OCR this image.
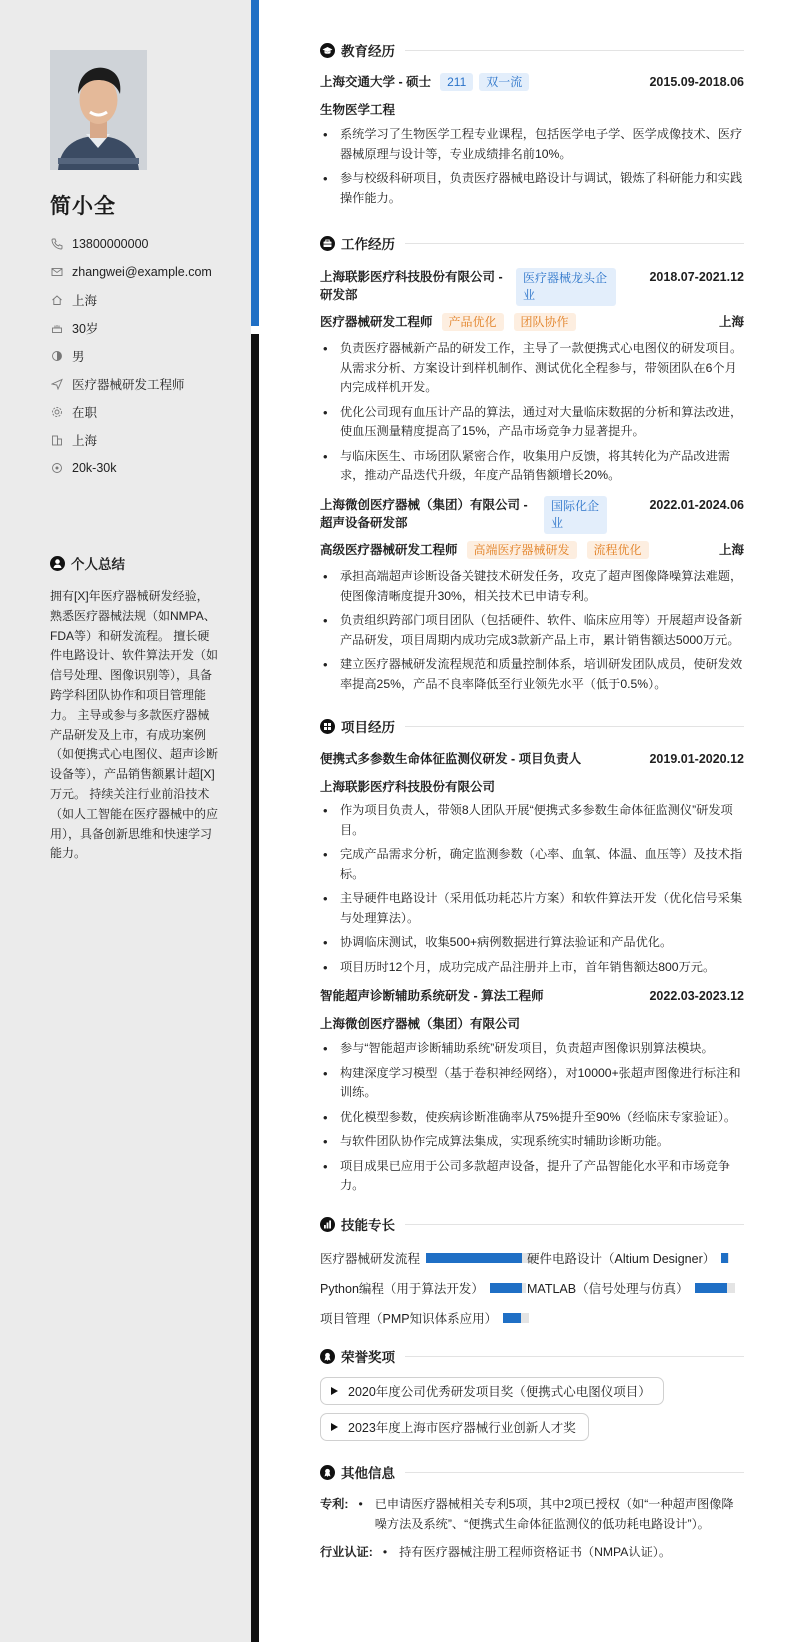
简小全
13800000000
zhangwei@example.com
上海
30岁
男
医疗器械研发工程师
在职
上海
20k-30k
个人总结
拥有[X]年医疗器械研发经验，熟悉医疗器械法规（如NMPA、FDA等）和研发流程。 擅长硬件电路设计、软件算法开发（如信号处理、图像识别等），具备跨学科团队协作和项目管理能力。 主导或参与多款医疗器械产品研发及上市，有成功案例（如便携式心电图仪、超声诊断设备等），产品销售额累计超[X]万元。 持续关注行业前沿技术（如人工智能在医疗器械中的应用），具备创新思维和快速学习能力。
教育经历
上海交通大学 - 硕士	211	双一流	2015.09-2018.06
生物医学工程
• 系统学习了生物医学工程专业课程，包括医学电子学、医学成像技术、医疗器械原理与设计等，专业成绩排名前10%。
• 参与校级科研项目，负责医疗器械电路设计与调试，锻炼了科研能力和实践操作能力。
工作经历
上海联影医疗科技股份有限公司 - 研发部
医疗器械龙头企业
2018.07-2021.12
医疗器械研发工程师	产品优化	团队协作	上海
• 负责医疗器械新产品的研发工作，主导了一款便携式心电图仪的研发项目。从需求分析、方案设计到样机制作、测试优化全程参与，带领团队在6个月内完成样机开发。
• 优化公司现有血压计产品的算法，通过对大量临床数据的分析和算法改进，使血压测量精度提高了15%，产品市场竞争力显著提升。
• 与临床医生、市场团队紧密合作，收集用户反馈，将其转化为产品改进需求，推动产品迭代升级，年度产品销售额增长20%。
上海微创医疗器械（集团）有限公司 - 超声设备研发部
国际化企业
2022.01-2024.06
高级医疗器械研发工程师	高端医疗器械研发	流程优化	上海
• 承担高端超声诊断设备关键技术研发任务，攻克了超声图像降噪算法难题，使图像清晰度提升30%，相关技术已申请专利。
• 负责组织跨部门项目团队（包括硬件、软件、临床应用等）开展超声设备新产品研发，项目周期内成功完成3款新产品上市，累计销售额达5000万元。
• 建立医疗器械研发流程规范和质量控制体系，培训研发团队成员，使研发效率提高25%，产品不良率降低至行业领先水平（低于0.5%）。
项目经历
便携式多参数生命体征监测仪研发 - 项目负责人	2019.01-2020.12
上海联影医疗科技股份有限公司
• 作为项目负责人，带领8人团队开展“便携式多参数生命体征监测仪”研发项目。
• 完成产品需求分析，确定监测参数（心率、血氧、体温、血压等）及技术指标。
• 主导硬件电路设计（采用低功耗芯片方案）和软件算法开发（优化信号采集与处理算法）。
• 协调临床测试，收集500+病例数据进行算法验证和产品优化。
• 项目历时12个月，成功完成产品注册并上市，首年销售额达800万元。
智能超声诊断辅助系统研发 - 算法工程师	2022.03-2023.12
上海微创医疗器械（集团）有限公司
• 参与“智能超声诊断辅助系统”研发项目，负责超声图像识别算法模块。
• 构建深度学习模型（基于卷积神经网络），对10000+张超声图像进行标注和训练。
• 优化模型参数，使疾病诊断准确率从75%提升至90%（经临床专家验证）。
• 与软件团队协作完成算法集成，实现系统实时辅助诊断功能。
• 项目成果已应用于公司多款超声设备，提升了产品智能化水平和市场竞争力。
技能专长
医疗器械研发流程	硬件电路设计（Altium Designer）
Python编程（用于算法开发）	MATLAB（信号处理与仿真）
项目管理（PMP知识体系应用）
荣誉奖项
2020年度公司优秀研发项目奖（便携式心电图仪项目）
2023年度上海市医疗器械行业创新人才奖
其他信息
专利: • 已申请医疗器械相关专利5项，其中2项已授权（如“一种超声图像降噪方法及系统”、“便携式生命体征监测仪的低功耗电路设计”）。
行业认证: • 持有医疗器械注册工程师资格证书（NMPA认证）。
